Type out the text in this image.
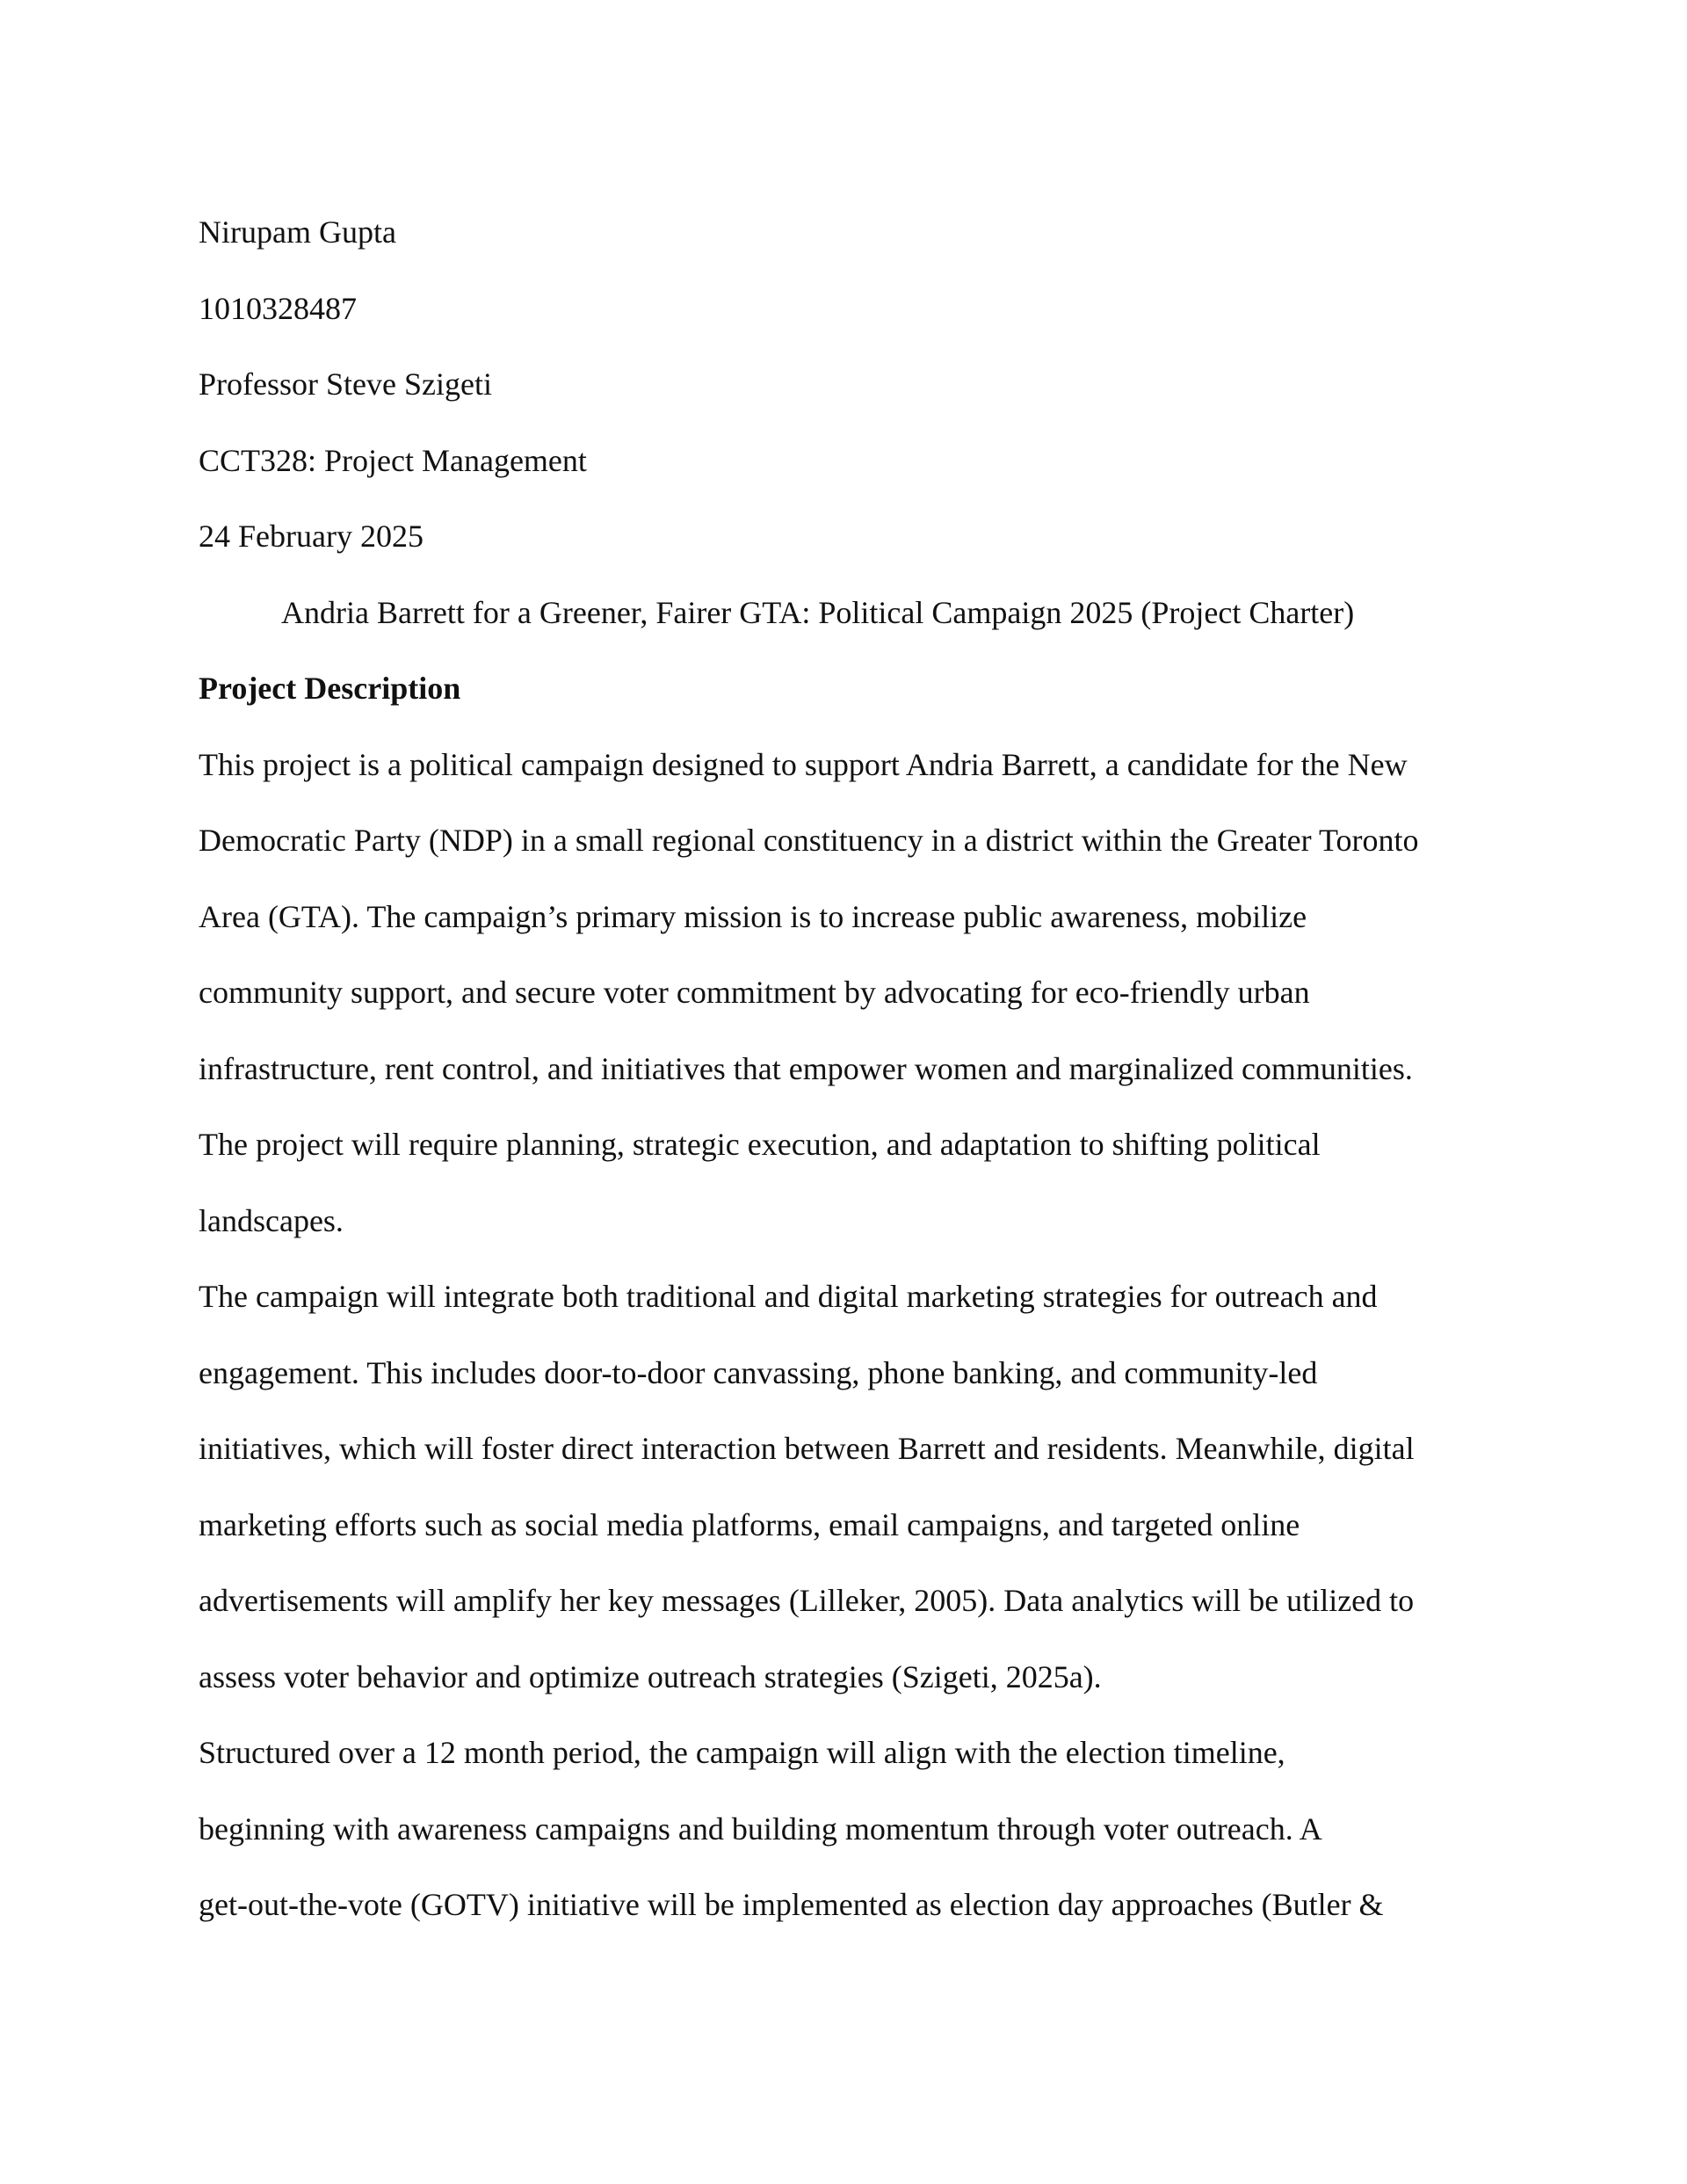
Nirupam Gupta
1010328487
Professor Steve Szigeti
CCT328: Project Management
24 February 2025
Andria Barrett for a Greener, Fairer GTA: Political Campaign 2025 (Project Charter)
Project Description
This project is a political campaign designed to support Andria Barrett, a candidate for the New
Democratic Party (NDP) in a small regional constituency in a district within the Greater Toronto
Area (GTA). The campaign’s primary mission is to increase public awareness, mobilize
community support, and secure voter commitment by advocating for eco-friendly urban
infrastructure, rent control, and initiatives that empower women and marginalized communities.
The project will require planning, strategic execution, and adaptation to shifting political
landscapes.
The campaign will integrate both traditional and digital marketing strategies for outreach and
engagement. This includes door-to-door canvassing, phone banking, and community-led
initiatives, which will foster direct interaction between Barrett and residents. Meanwhile, digital
marketing efforts such as social media platforms, email campaigns, and targeted online
advertisements will amplify her key messages (Lilleker, 2005). Data analytics will be utilized to
assess voter behavior and optimize outreach strategies (Szigeti, 2025a).
Structured over a 12 month period, the campaign will align with the election timeline,
beginning with awareness campaigns and building momentum through voter outreach. A
get-out-the-vote (GOTV) initiative will be implemented as election day approaches (Butler &
